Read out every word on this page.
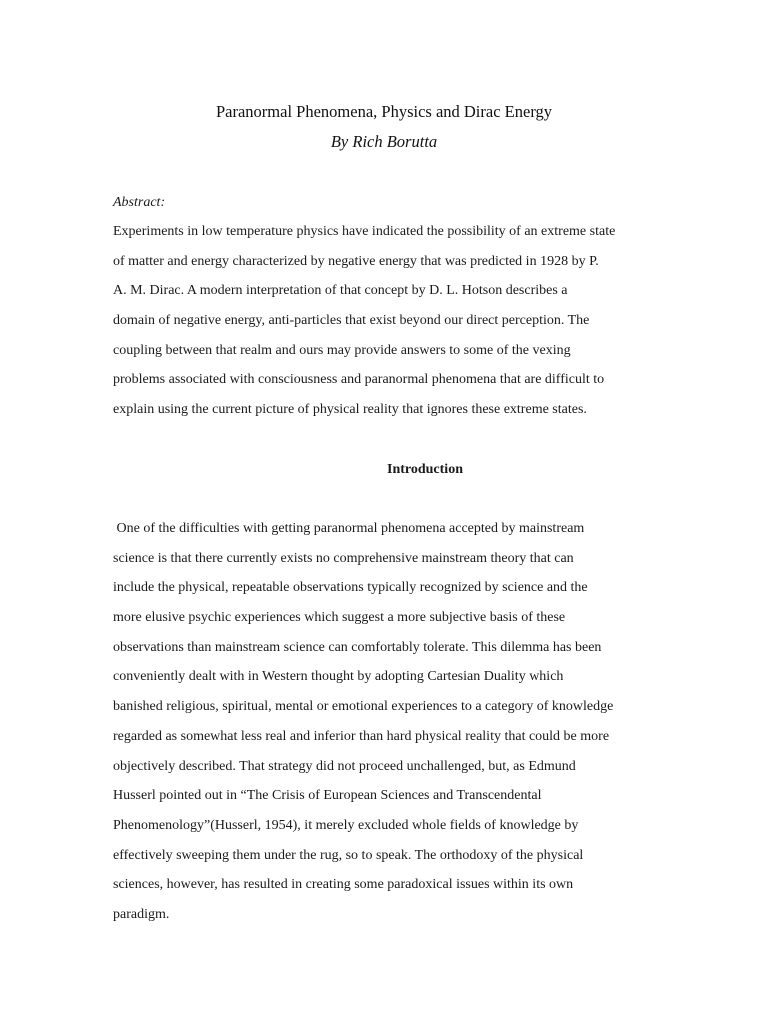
Paranormal Phenomena, Physics and Dirac Energy
By Rich Borutta
Abstract:
Experiments in low temperature physics have indicated the possibility of an extreme state
of matter and energy characterized by negative energy that was predicted in 1928 by P.
A. M. Dirac. A modern interpretation of that concept by D. L. Hotson describes a
domain of negative energy, anti-particles that exist beyond our direct perception. The
coupling between that realm and ours may provide answers to some of the vexing
problems associated with consciousness and paranormal phenomena that are difficult to
explain using the current picture of physical reality that ignores these extreme states.
Introduction
One of the difficulties with getting paranormal phenomena accepted by mainstream
science is that there currently exists no comprehensive mainstream theory that can
include the physical, repeatable observations typically recognized by science and the
more elusive psychic experiences which suggest a more subjective basis of these
observations than mainstream science can comfortably tolerate. This dilemma has been
conveniently dealt with in Western thought by adopting Cartesian Duality which
banished religious, spiritual, mental or emotional experiences to a category of knowledge
regarded as somewhat less real and inferior than hard physical reality that could be more
objectively described. That strategy did not proceed unchallenged, but, as Edmund
Husserl pointed out in “The Crisis of European Sciences and Transcendental
Phenomenology”(Husserl, 1954), it merely excluded whole fields of knowledge by
effectively sweeping them under the rug, so to speak. The orthodoxy of the physical
sciences, however, has resulted in creating some paradoxical issues within its own
paradigm.
